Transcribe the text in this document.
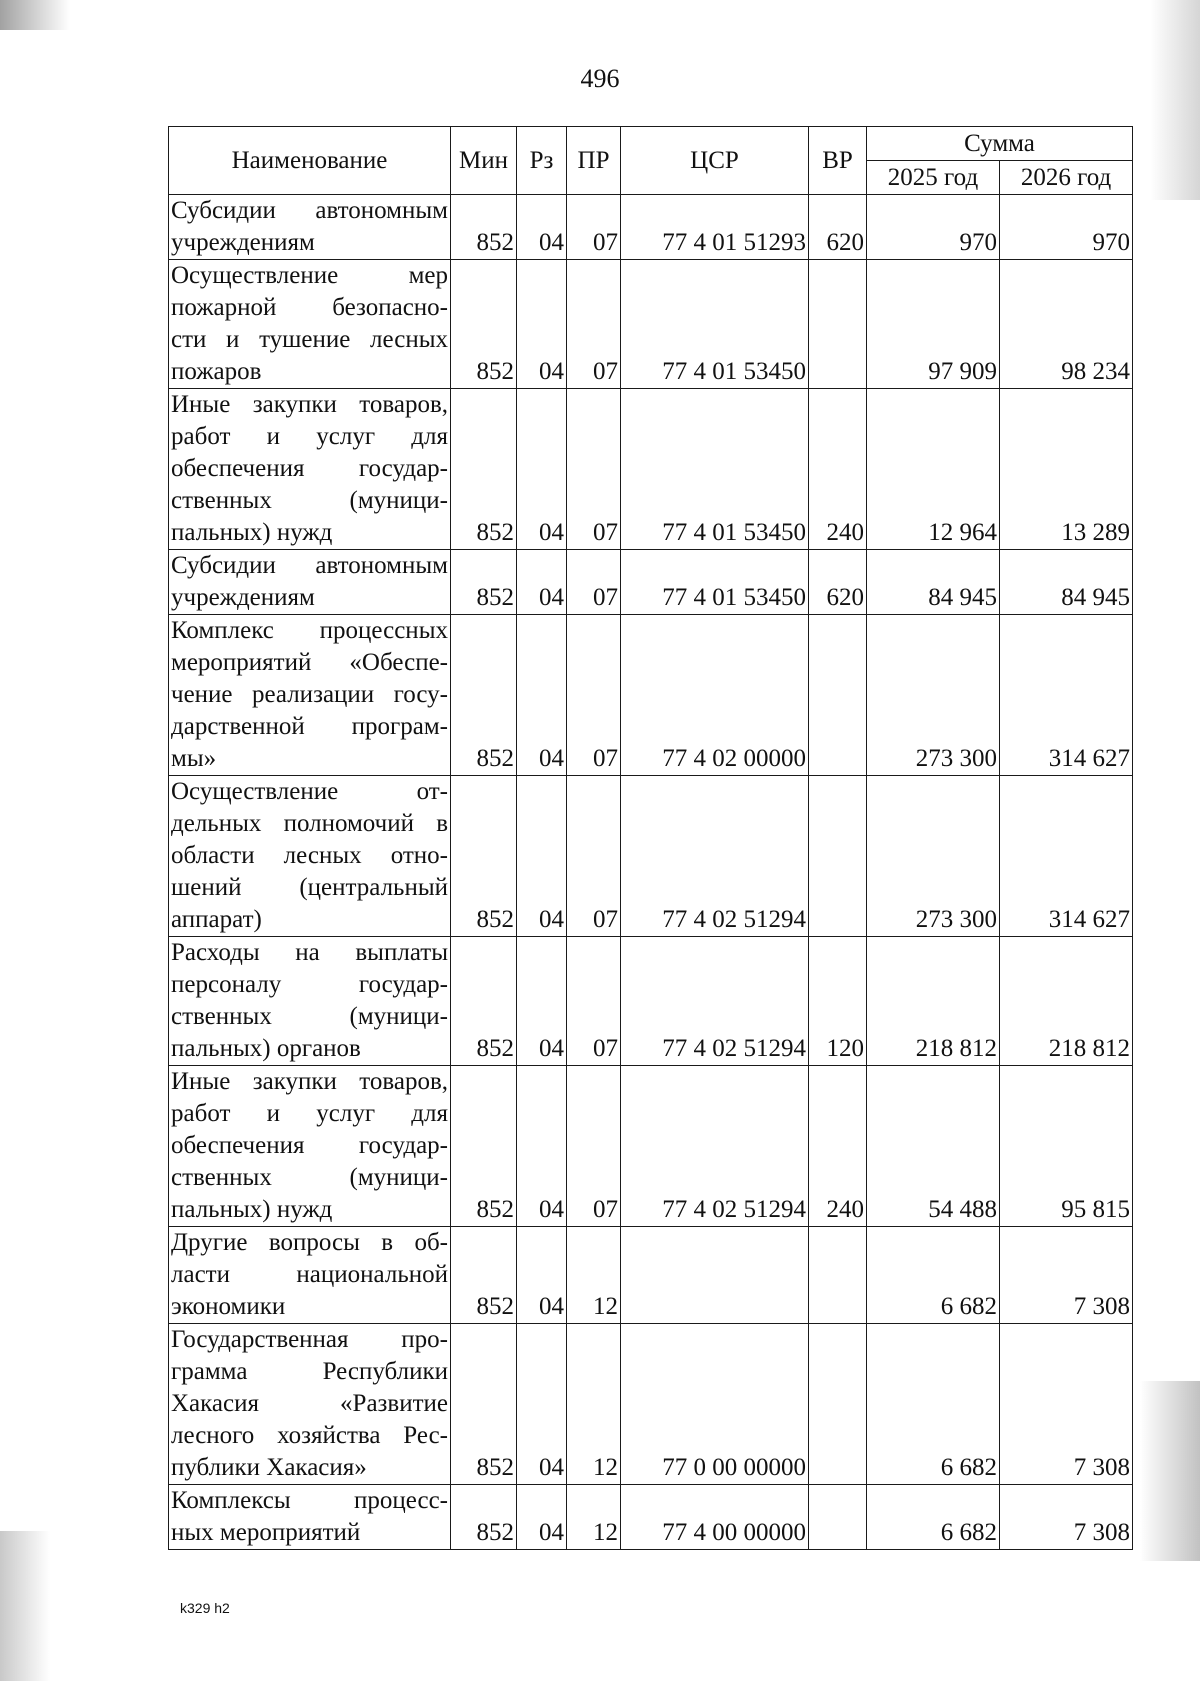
496
Наименование	Мин	Рз	ПР	ЦСР	ВР	Сумма	
						2025 год	2026 год

Субсидии автономным
учреждениям	852	04	07	77 4 01 51293	620	970	970

Осуществление мер
пожарной безопасно-
сти и тушение лесных
пожаров	852	04	07	77 4 01 53450		97 909	98 234

Иные закупки товаров,
работ и услуг для
обеспечения государ-
ственных (муници-
пальных) нужд	852	04	07	77 4 01 53450	240	12 964	13 289

Субсидии автономным
учреждениям	852	04	07	77 4 01 53450	620	84 945	84 945

Комплекс процессных
мероприятий «Обеспе-
чение реализации госу-
дарственной програм-
мы»	852	04	07	77 4 02 00000		273 300	314 627

Осуществление от-
дельных полномочий в
области лесных отно-
шений (центральный
аппарат)	852	04	07	77 4 02 51294		273 300	314 627

Расходы на выплаты
персоналу государ-
ственных (муници-
пальных) органов	852	04	07	77 4 02 51294	120	218 812	218 812

Иные закупки товаров,
работ и услуг для
обеспечения государ-
ственных (муници-
пальных) нужд	852	04	07	77 4 02 51294	240	54 488	95 815

Другие вопросы в об-
ласти национальной
экономики	852	04	12			6 682	7 308

Государственная про-
грамма Республики
Хакасия «Развитие
лесного хозяйства Рес-
публики Хакасия»	852	04	12	77 0 00 00000		6 682	7 308

Комплексы процесс-
ных мероприятий	852	04	12	77 4 00 00000		6 682	7 308
k329 h2
